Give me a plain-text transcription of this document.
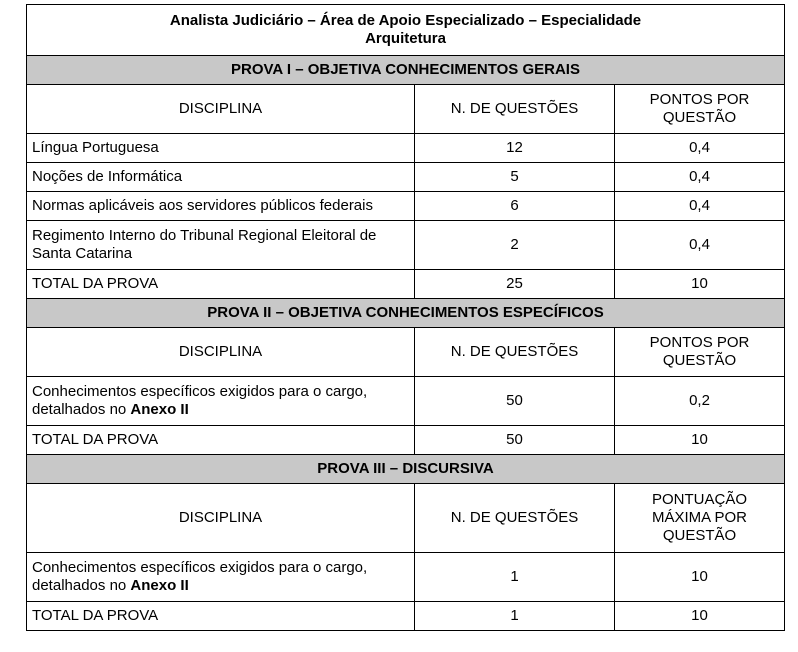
Analista Judiciário – Área de Apoio Especializado – Especialidade
Arquitetura		
PROVA I – OBJETIVA CONHECIMENTOS GERAIS		
DISCIPLINA	N. DE QUESTÕES	PONTOS POR
QUESTÃO
Língua Portuguesa	12	0,4
Noções de Informática	5	0,4
Normas aplicáveis aos servidores públicos federais	6	0,4
Regimento Interno do Tribunal Regional Eleitoral de
Santa Catarina	2	0,4
TOTAL DA PROVA	25	10
PROVA II – OBJETIVA CONHECIMENTOS ESPECÍFICOS		
DISCIPLINA	N. DE QUESTÕES	PONTOS POR
QUESTÃO
Conhecimentos específicos exigidos para o cargo,
detalhados no Anexo II	50	0,2
TOTAL DA PROVA	50	10
PROVA III – DISCURSIVA		
DISCIPLINA	N. DE QUESTÕES	PONTUAÇÃO
MÁXIMA POR
QUESTÃO
Conhecimentos específicos exigidos para o cargo,
detalhados no Anexo II	1	10
TOTAL DA PROVA	1	10
